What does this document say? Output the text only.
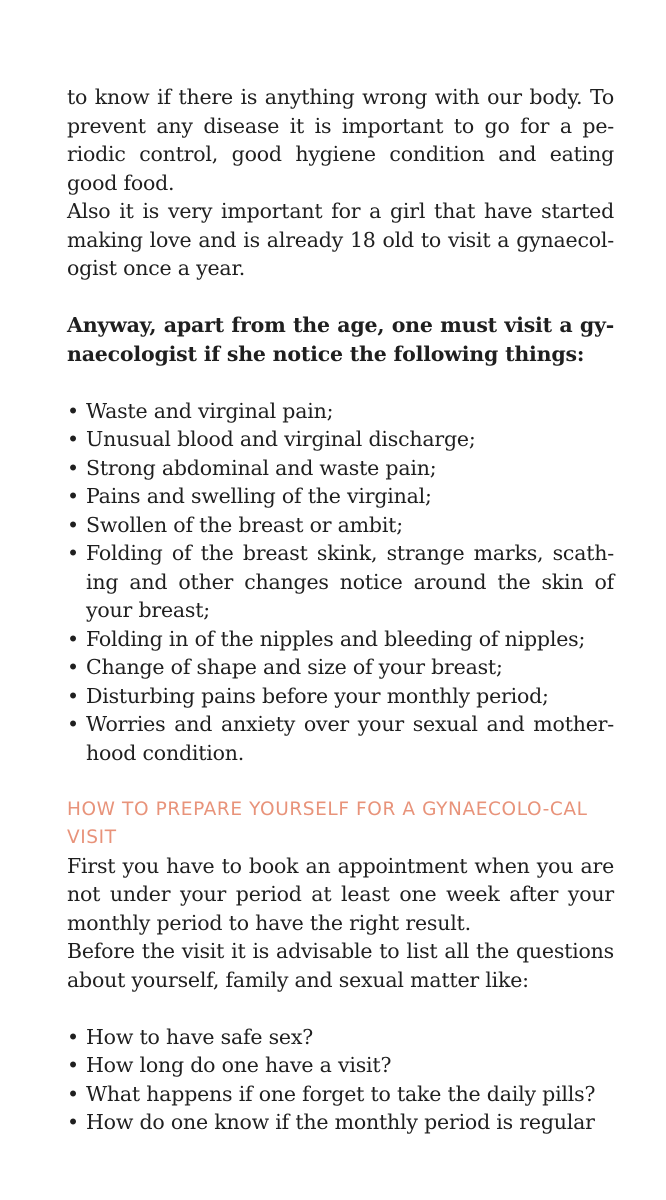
to know if there is anything wrong with our body. To prevent any disease it is important to go for a pe-riodic control, good hygiene condition and eating good food.

Also it is very important for a girl that have started making love and is already 18 old to visit a gynaecol-ogist once a year.

Anyway, apart from the age, one must visit a gy-naecologist if she notice the following things:

• Waste and virginal pain;
• Unusual blood and virginal discharge;
• Strong abdominal and waste pain;
• Pains and swelling of the virginal;
• Swollen of the breast or ambit;
• Folding of the breast skink, strange marks, scath-ing and other changes notice around the skin of your breast;
• Folding in of the nipples and bleeding of nipples;
• Change of shape and size of your breast;
• Disturbing pains before your monthly period;
• Worries and anxiety over your sexual and mother-hood condition.
HOW TO PREPARE YOURSELF FOR A GYNAECOLO-CAL VISIT

First you have to book an appointment when you are not under your period at least one week after your monthly period to have the right result.

Before the visit it is advisable to list all the questions about yourself, family and sexual matter like:

• How to have safe sex?
• How long do one have a visit?
• What happens if one forget to take the daily pills?
• How do one know if the monthly period is regular
